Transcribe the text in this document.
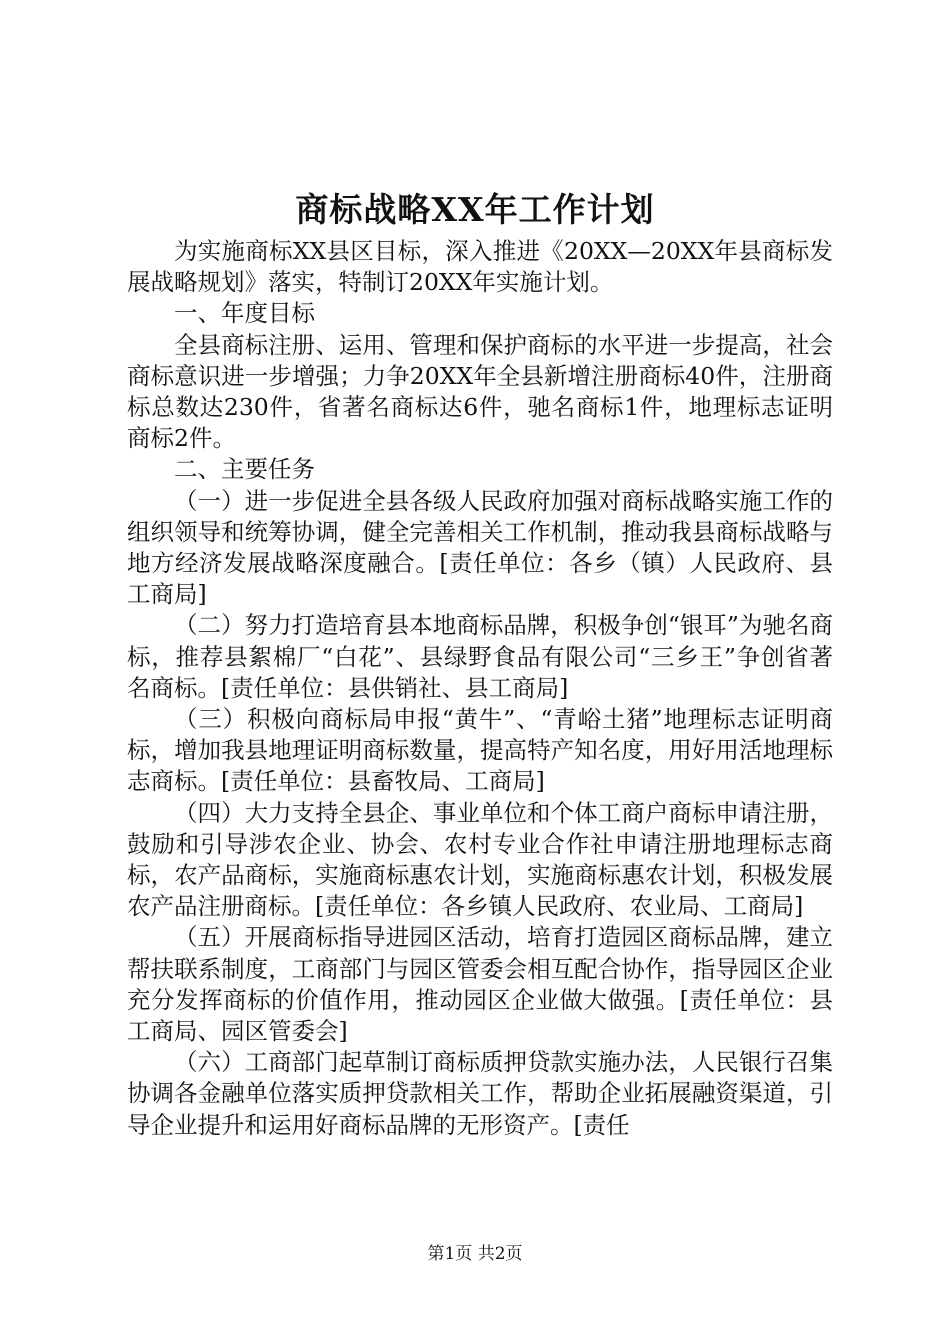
商标战略XX年工作计划

为实施商标XX县区目标，深入推进《20XX—20XX年县商标发展战略规划》落实，特制订20XX年实施计划。

一、年度目标

全县商标注册、运用、管理和保护商标的水平进一步提高，社会商标意识进一步增强；力争20XX年全县新增注册商标40件，注册商标总数达230件，省著名商标达6件，驰名商标1件，地理标志证明商标2件。

二、主要任务

（一）进一步促进全县各级人民政府加强对商标战略实施工作的组织领导和统筹协调，健全完善相关工作机制，推动我县商标战略与地方经济发展战略深度融合。[责任单位：各乡（镇）人民政府、县工商局]

（二）努力打造培育县本地商标品牌，积极争创“银耳”为驰名商标，推荐县絮棉厂“白花”、县绿野食品有限公司“三乡王”争创省著名商标。[责任单位：县供销社、县工商局]

（三）积极向商标局申报“黄牛”、“青峪土猪”地理标志证明商标，增加我县地理证明商标数量，提高特产知名度，用好用活地理标志商标。[责任单位：县畜牧局、工商局]

（四）大力支持全县企、事业单位和个体工商户商标申请注册，鼓励和引导涉农企业、协会、农村专业合作社申请注册地理标志商标，农产品商标，实施商标惠农计划，实施商标惠农计划，积极发展农产品注册商标。[责任单位：各乡镇人民政府、农业局、工商局]

（五）开展商标指导进园区活动，培育打造园区商标品牌，建立帮扶联系制度，工商部门与园区管委会相互配合协作，指导园区企业充分发挥商标的价值作用，推动园区企业做大做强。[责任单位：县工商局、园区管委会]

（六）工商部门起草制订商标质押贷款实施办法，人民银行召集协调各金融单位落实质押贷款相关工作，帮助企业拓展融资渠道，引导企业提升和运用好商标品牌的无形资产。[责任

第1页 共2页
